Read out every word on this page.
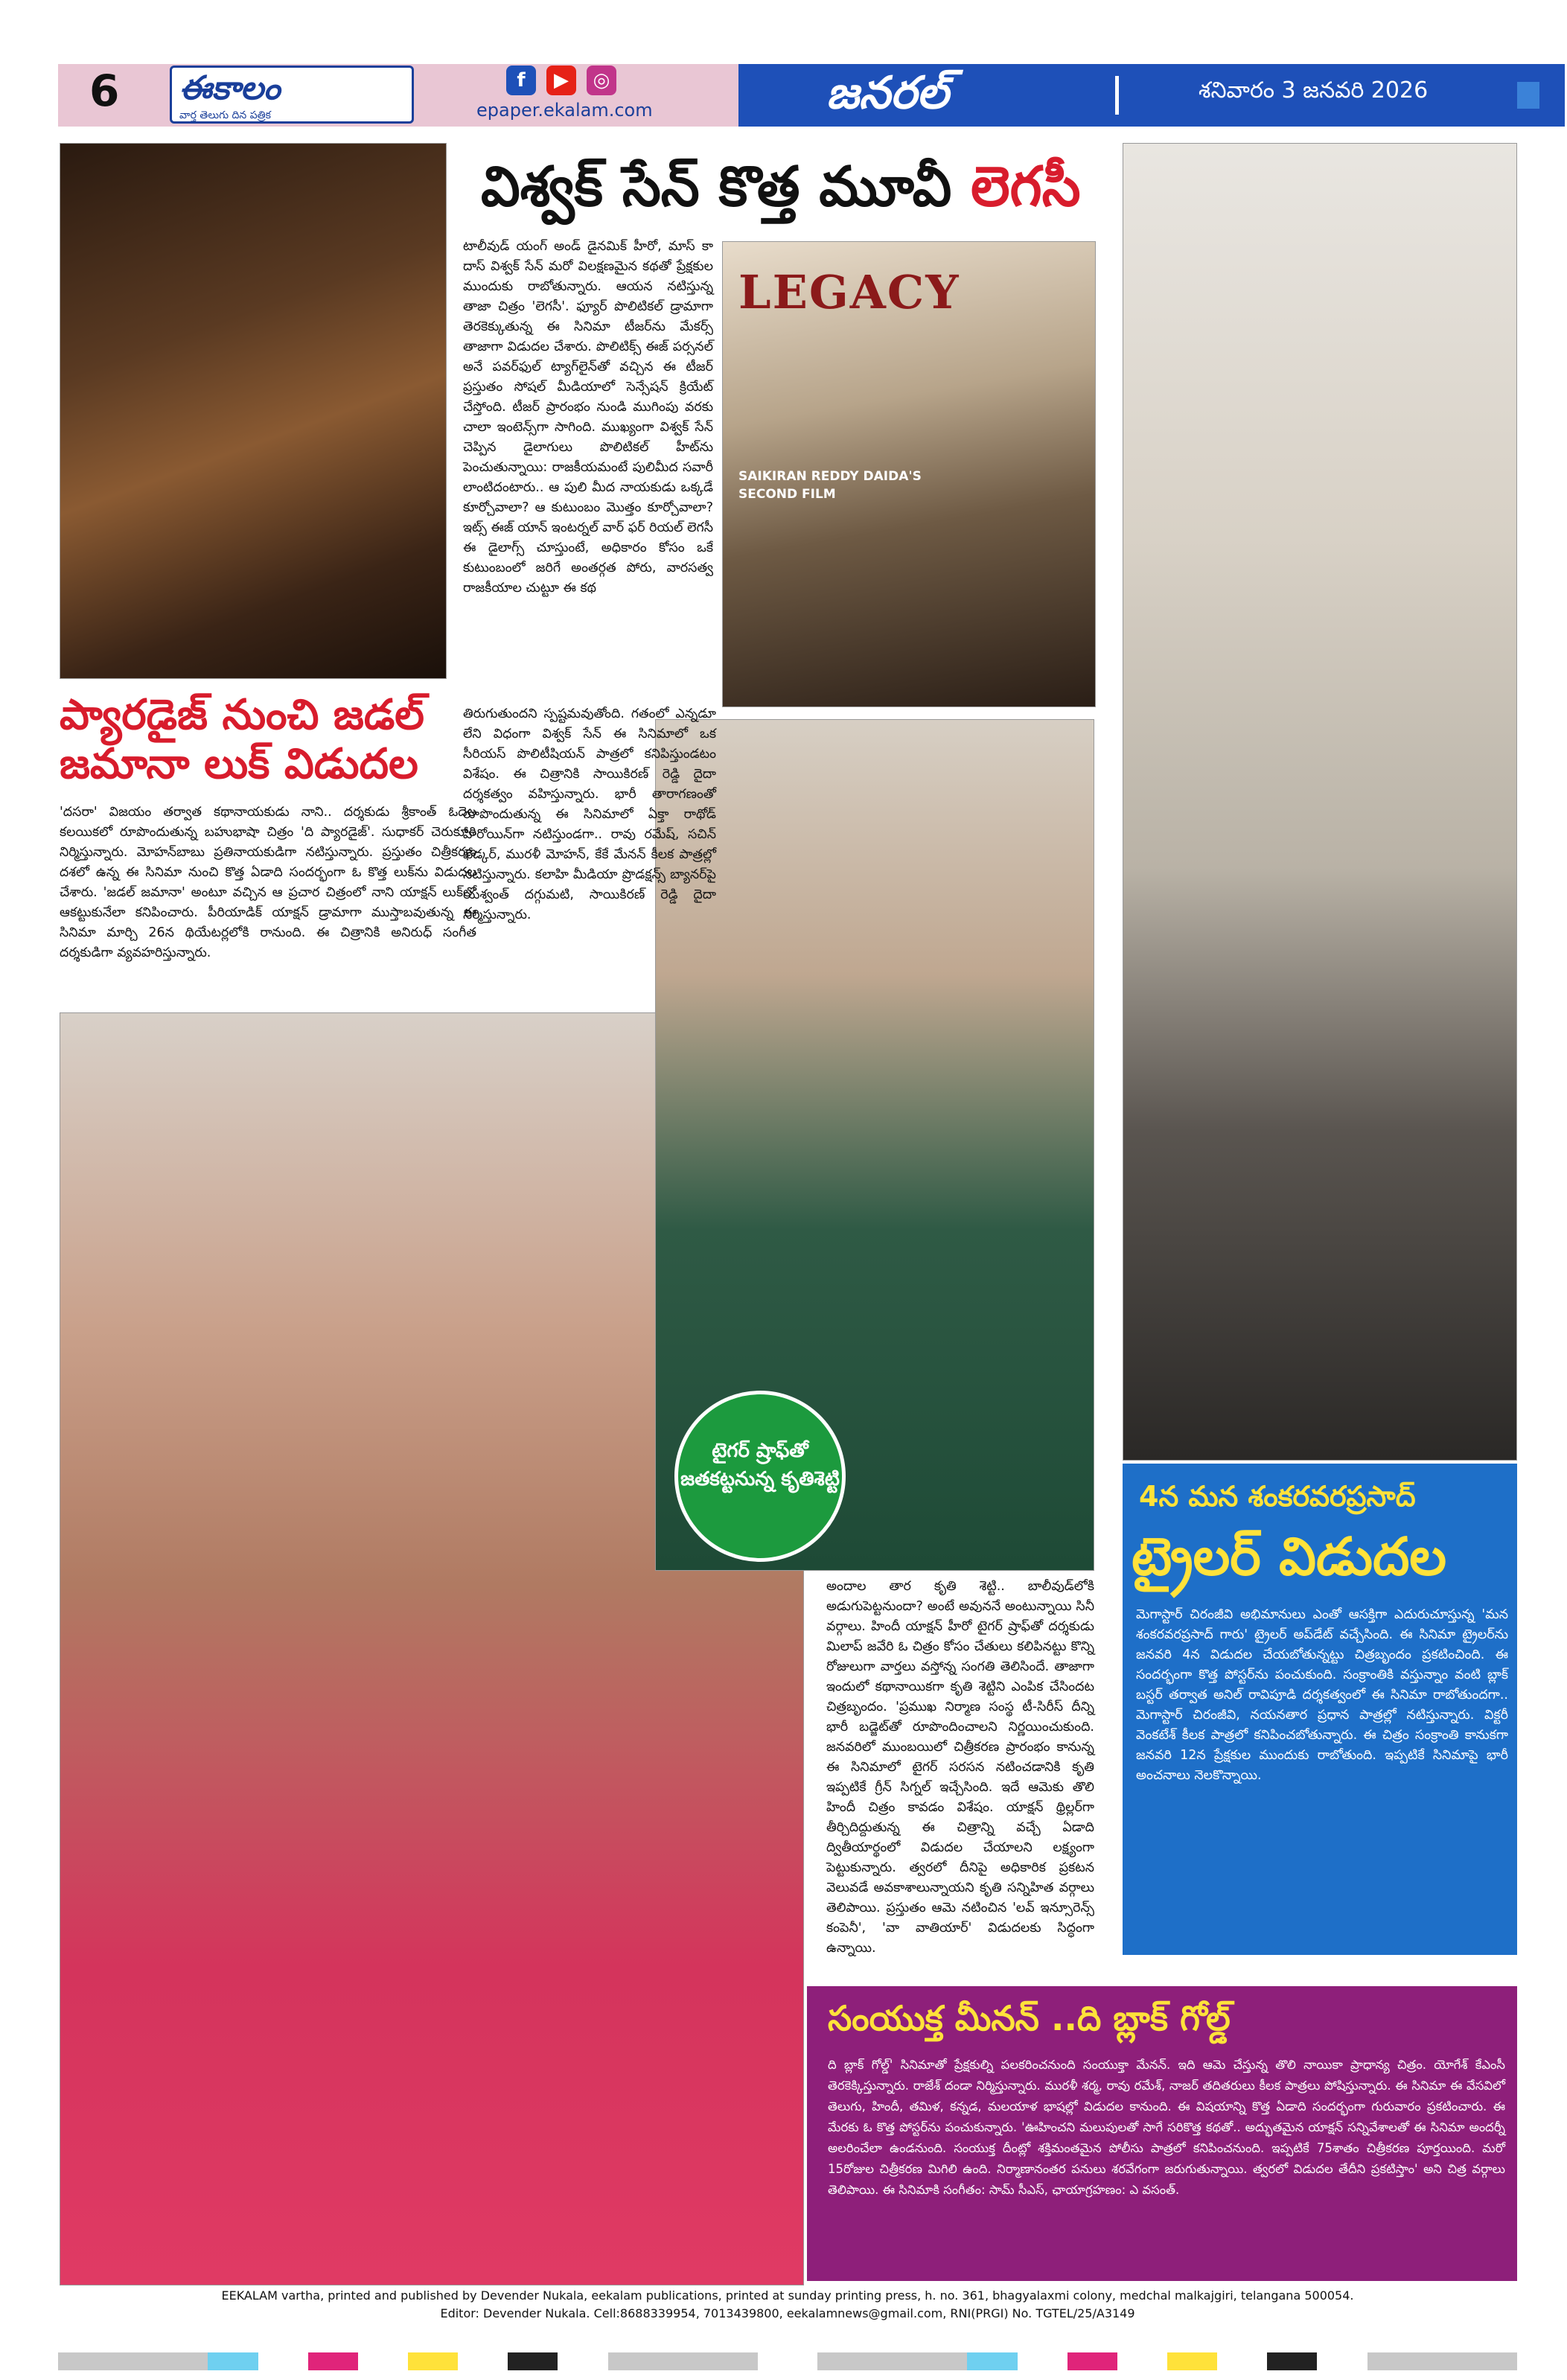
6 ఈకాలం
వార్త తెలుగు దిన పత్రిక
f ▶ ◎
epaper.ekalam.com	జనరల్	శనివారం 3 జనవరి 2026
LEGACY
SAIKIRAN REDDY DAIDA'S
SECOND FILM
విశ్వక్ సేన్ కొత్త మూవీ లెగసీ
టాలీవుడ్ యంగ్ అండ్ డైనమిక్ హీరో, మాస్ కా దాస్ విశ్వక్ సేన్ మరో విలక్షణమైన కథతో ప్రేక్షకుల ముందుకు రాబోతున్నారు. ఆయన నటిస్తున్న తాజా చిత్రం 'లెగసీ'. ఫ్యూర్ పొలిటికల్ డ్రామాగా తెరకెక్కుతున్న ఈ సినిమా టీజర్‌ను మేకర్స్ తాజాగా విడుదల చేశారు. పొలిటిక్స్ ఈజ్ పర్సనల్ అనే పవర్‌ఫుల్ ట్యాగ్‌లైన్‌తో వచ్చిన ఈ టీజర్ ప్రస్తుతం సోషల్ మీడియాలో సెన్సేషన్ క్రియేట్ చేస్తోంది. టీజర్ ప్రారంభం నుండి ముగింపు వరకు చాలా ఇంటెన్స్‌గా సాగింది. ముఖ్యంగా విశ్వక్ సేన్ చెప్పిన డైలాగులు పొలిటికల్ హీట్‌ను పెంచుతున్నాయి: రాజకీయమంటే పులిమీద సవారీ లాంటిదంటారు.. ఆ పులి మీద నాయకుడు ఒక్కడే కూర్చోవాలా? ఆ కుటుంబం మొత్తం కూర్చోవాలా? ఇట్స్ ఈజ్ యాన్ ఇంటర్నల్ వార్ ఫర్ రియల్ లెగసీ ఈ డైలాగ్స్ చూస్తుంటే, అధికారం కోసం ఒకే కుటుంబంలో జరిగే అంతర్గత పోరు, వారసత్వ రాజకీయాల చుట్టూ ఈ కథ
తిరుగుతుందని స్పష్టమవుతోంది. గతంలో ఎన్నడూ లేని విధంగా విశ్వక్ సేన్ ఈ సినిమాలో ఒక సీరియస్ పొలిటీషియన్ పాత్రలో కనిపిస్తుండటం విశేషం. ఈ చిత్రానికి సాయికిరణ్ రెడ్డి దైదా దర్శకత్వం వహిస్తున్నారు. భారీ తారాగణంతో రూపొందుతున్న ఈ సినిమాలో ఏక్తా రాథోడ్ హీరోయిన్‌గా నటిస్తుండగా.. రావు రమేష్, సచిన్ ఖేడ్కర్, మురళీ మోహన్, కేకే మేనన్ కీలక పాత్రల్లో నటిస్తున్నారు. కలాహి మీడియా ప్రొడక్షన్స్ బ్యానర్‌పై యశ్వంత్ దగ్గుమటి, సాయికిరణ్ రెడ్డి దైదా నిర్మిస్తున్నారు.
ప్యారడైజ్ నుంచి జడల్ జమానా లుక్ విడుదల
'దసరా' విజయం తర్వాత కథానాయకుడు నాని.. దర్శకుడు శ్రీకాంత్ ఓదెల కలయికలో రూపొందుతున్న బహుభాషా చిత్రం 'ది ప్యారడైజ్'. సుధాకర్ చెరుకూరి నిర్మిస్తున్నారు. మోహన్‌బాబు ప్రతినాయకుడిగా నటిస్తున్నారు. ప్రస్తుతం చిత్రీకరణ దశలో ఉన్న ఈ సినిమా నుంచి కొత్త ఏడాది సందర్భంగా ఓ కొత్త లుక్‌ను విడుదల చేశారు. 'జడల్ జమానా' అంటూ వచ్చిన ఆ ప్రచార చిత్రంలో నాని యాక్షన్ లుక్‌లో ఆకట్టుకునేలా కనిపించారు. పీరియాడిక్ యాక్షన్ డ్రామాగా ముస్తాబవుతున్న ఈ సినిమా మార్చి 26న థియేటర్లలోకి రానుంది. ఈ చిత్రానికి అనిరుధ్ సంగీత దర్శకుడిగా వ్యవహరిస్తున్నారు.
టైగర్ ష్రాఫ్‌తో జతకట్టనున్న కృతిశెట్టి
అందాల తార కృతి శెట్టి.. బాలీవుడ్‌లోకి అడుగుపెట్టనుందా? అంటే అవుననే అంటున్నాయి సినీ వర్గాలు. హిందీ యాక్షన్ హీరో టైగర్ ష్రాఫ్‌తో దర్శకుడు మిలాప్ జవేరి ఓ చిత్రం కోసం చేతులు కలిపినట్టు కొన్ని రోజులుగా వార్తలు వస్తోన్న సంగతి తెలిసిందే. తాజాగా ఇందులో కథానాయికగా కృతి శెట్టిని ఎంపిక చేసిందట చిత్రబృందం. 'ప్రముఖ నిర్మాణ సంస్థ టీ-సిరీస్ దీన్ని భారీ బడ్జెట్‌తో రూపొందించాలని నిర్ణయించుకుంది. జనవరిలో ముంబయిలో చిత్రీకరణ ప్రారంభం కానున్న ఈ సినిమాలో టైగర్ సరసన నటించడానికి కృతి ఇప్పటికే గ్రీన్ సిగ్నల్ ఇచ్చేసింది. ఇదే ఆమెకు తొలి హిందీ చిత్రం కావడం విశేషం. యాక్షన్ థ్రిల్లర్‌గా తీర్చిదిద్దుతున్న ఈ చిత్రాన్ని వచ్చే ఏడాది ద్వితీయార్థంలో విడుదల చేయాలని లక్ష్యంగా పెట్టుకున్నారు. త్వరలో దీనిపై అధికారిక ప్రకటన వెలువడే అవకాశాలున్నాయని కృతి సన్నిహిత వర్గాలు తెలిపాయి. ప్రస్తుతం ఆమె నటించిన 'లవ్ ఇన్సూరెన్స్ కంపెనీ', 'వా వాతియార్' విడుదలకు సిద్ధంగా ఉన్నాయి.
4న మన శంకరవరప్రసాద్
ట్రైలర్ విడుదల
మెగాస్టార్ చిరంజీవి అభిమానులు ఎంతో ఆసక్తిగా ఎదురుచూస్తున్న 'మన శంకరవరప్రసాద్ గారు' ట్రైలర్ అప్‌డేట్ వచ్చేసింది. ఈ సినిమా ట్రైలర్‌ను జనవరి 4న విడుదల చేయబోతున్నట్టు చిత్రబృందం ప్రకటించింది. ఈ సందర్భంగా కొత్త పోస్టర్‌ను పంచుకుంది. సంక్రాంతికి వస్తున్నాం వంటి బ్లాక్ బస్టర్ తర్వాత అనిల్ రావిపూడి దర్శకత్వంలో ఈ సినిమా రాబోతుందగా.. మెగాస్టార్ చిరంజీవి, నయనతార ప్రధాన పాత్రల్లో నటిస్తున్నారు. విక్టరీ వెంకటేశ్ కీలక పాత్రలో కనిపించబోతున్నారు. ఈ చిత్రం సంక్రాంతి కానుకగా జనవరి 12న ప్రేక్షకుల ముందుకు రాబోతుంది. ఇప్పటికే సినిమాపై భారీ అంచనాలు నెలకొన్నాయి.
సంయుక్త మీనన్ ..ది బ్లాక్ గోల్డ్
ది బ్లాక్ గోల్డ్' సినిమాతో ప్రేక్షకుల్ని పలకరించనుంది సంయుక్తా మేనన్. ఇది ఆమె చేస్తున్న తొలి నాయికా ప్రాధాన్య చిత్రం. యోగేశ్ కేఎంసీ తెరకెక్కిస్తున్నారు. రాజేశ్ దండా నిర్మిస్తున్నారు. మురళీ శర్మ, రావు రమేశ్, నాజర్ తదితరులు కీలక పాత్రలు పోషిస్తున్నారు. ఈ సినిమా ఈ వేసవిలో తెలుగు, హిందీ, తమిళ, కన్నడ, మలయాళ భాషల్లో విడుదల కానుంది. ఈ విషయాన్ని కొత్త ఏడాది సందర్భంగా గురువారం ప్రకటించారు. ఈ మేరకు ఓ కొత్త పోస్టర్‌ను పంచుకున్నారు. 'ఊహించని మలుపులతో సాగే సరికొత్త కథతో.. అద్భుతమైన యాక్షన్ సన్నివేశాలతో ఈ సినిమా అందర్నీ అలరించేలా ఉండనుంది. సంయుక్త దీంట్లో శక్తిమంతమైన పోలీసు పాత్రలో కనిపించనుంది. ఇప్పటికే 75శాతం చిత్రీకరణ పూర్తయింది. మరో 15రోజుల చిత్రీకరణ మిగిలి ఉంది. నిర్మాణానంతర పనులు శరవేగంగా జరుగుతున్నాయి. త్వరలో విడుదల తేదీని ప్రకటిస్తాం' అని చిత్ర వర్గాలు తెలిపాయి. ఈ సినిమాకి సంగీతం: సామ్ సీఎస్, ఛాయాగ్రహణం: ఎ వసంత్.
EEKALAM vartha, printed and published by Devender Nukala, eekalam publications, printed at sunday printing press, h. no. 361, bhagyalaxmi colony, medchal malkajgiri, telangana 500054.
Editor: Devender Nukala. Cell:8688339954, 7013439800, eekalamnews@gmail.com, RNI(PRGI) No. TGTEL/25/A3149
